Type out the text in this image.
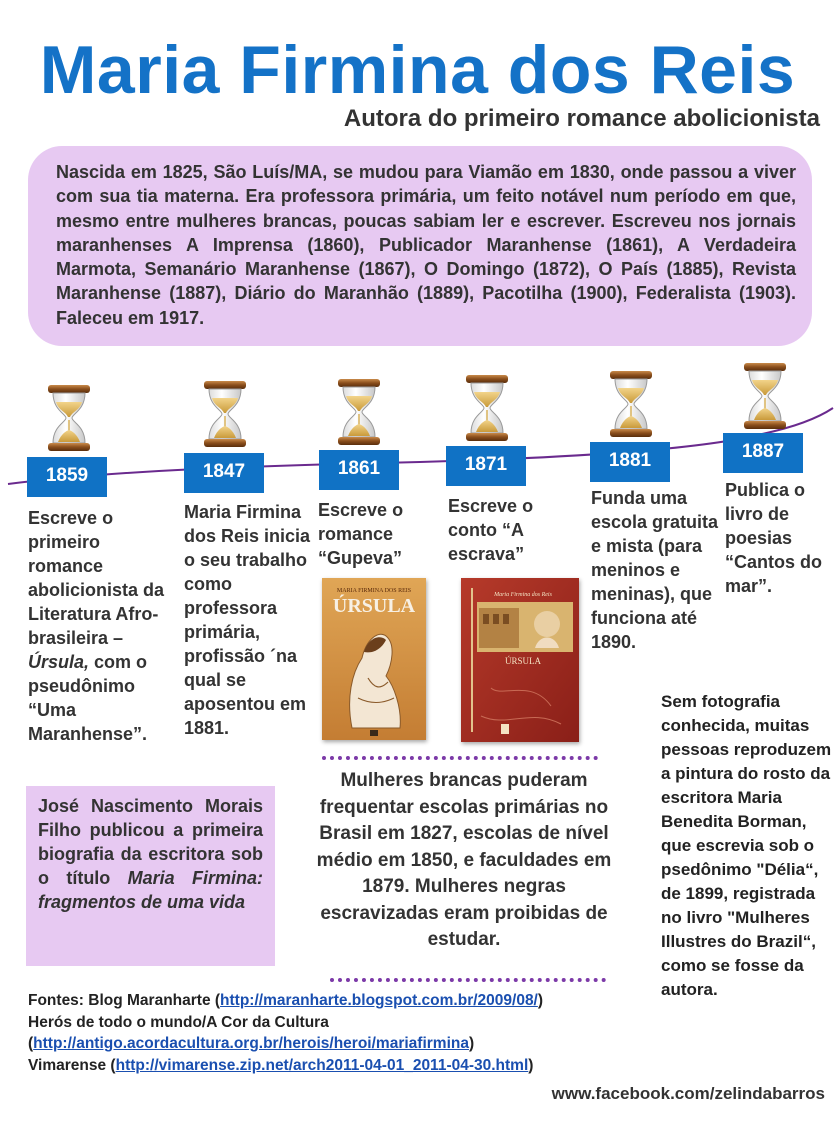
Maria Firmina dos Reis
Autora do primeiro romance abolicionista
Nascida em 1825, São Luís/MA, se mudou para Viamão em 1830, onde passou a viver com sua tia materna. Era professora primária, um feito notável num período em que, mesmo entre mulheres brancas, poucas sabiam ler e escrever. Escreveu nos jornais maranhenses A Imprensa (1860), Publicador Maranhense (1861), A Verdadeira Marmota, Semanário Maranhense (1867), O Domingo (1872), O País (1885), Revista Maranhense (1887), Diário do Maranhão (1889), Pacotilha (1900), Federalista (1903). Faleceu em 1917.
1859	1847	1861	1871	1881	1887
Escreve o primeiro romance abolicionista da Literatura Afro-brasileira – Úrsula, com o pseudônimo “Uma Maranhense”.
Maria Firmina dos Reis inicia o seu trabalho como professora primária, profissão ´na qual se aposentou em 1881.
Escreve o romance “Gupeva”
Escreve o conto “A escrava”
Funda uma escola gratuita e mista (para meninos e meninas), que funciona até 1890.
Publica o livro de poesias “Cantos do mar”.
MARIA FIRMINA DOS REIS
ÚRSULA	Maria Firmina dos Reis
ÚRSULA
Mulheres brancas puderam frequentar escolas primárias no Brasil em 1827, escolas de nível médio em 1850, e faculdades em 1879. Mulheres negras escravizadas eram proibidas de estudar.
José Nascimento Morais Filho publicou a primeira biografia da escritora sob o título Maria Firmina: fragmentos de uma vida
Sem fotografia conhecida, muitas pessoas reproduzem a pintura do rosto da escritora Maria Benedita Borman, que escrevia sob o psedônimo "Délia“, de 1899, registrada no livro "Mulheres Illustres do Brazil“, como se fosse da autora.
Fontes: Blog Maranharte (http://maranharte.blogspot.com.br/2009/08/)
Herós de todo o mundo/A Cor da Cultura
(http://antigo.acordacultura.org.br/herois/heroi/mariafirmina)
Vimarense (http://vimarense.zip.net/arch2011-04-01_2011-04-30.html)
www.facebook.com/zelindabarros
